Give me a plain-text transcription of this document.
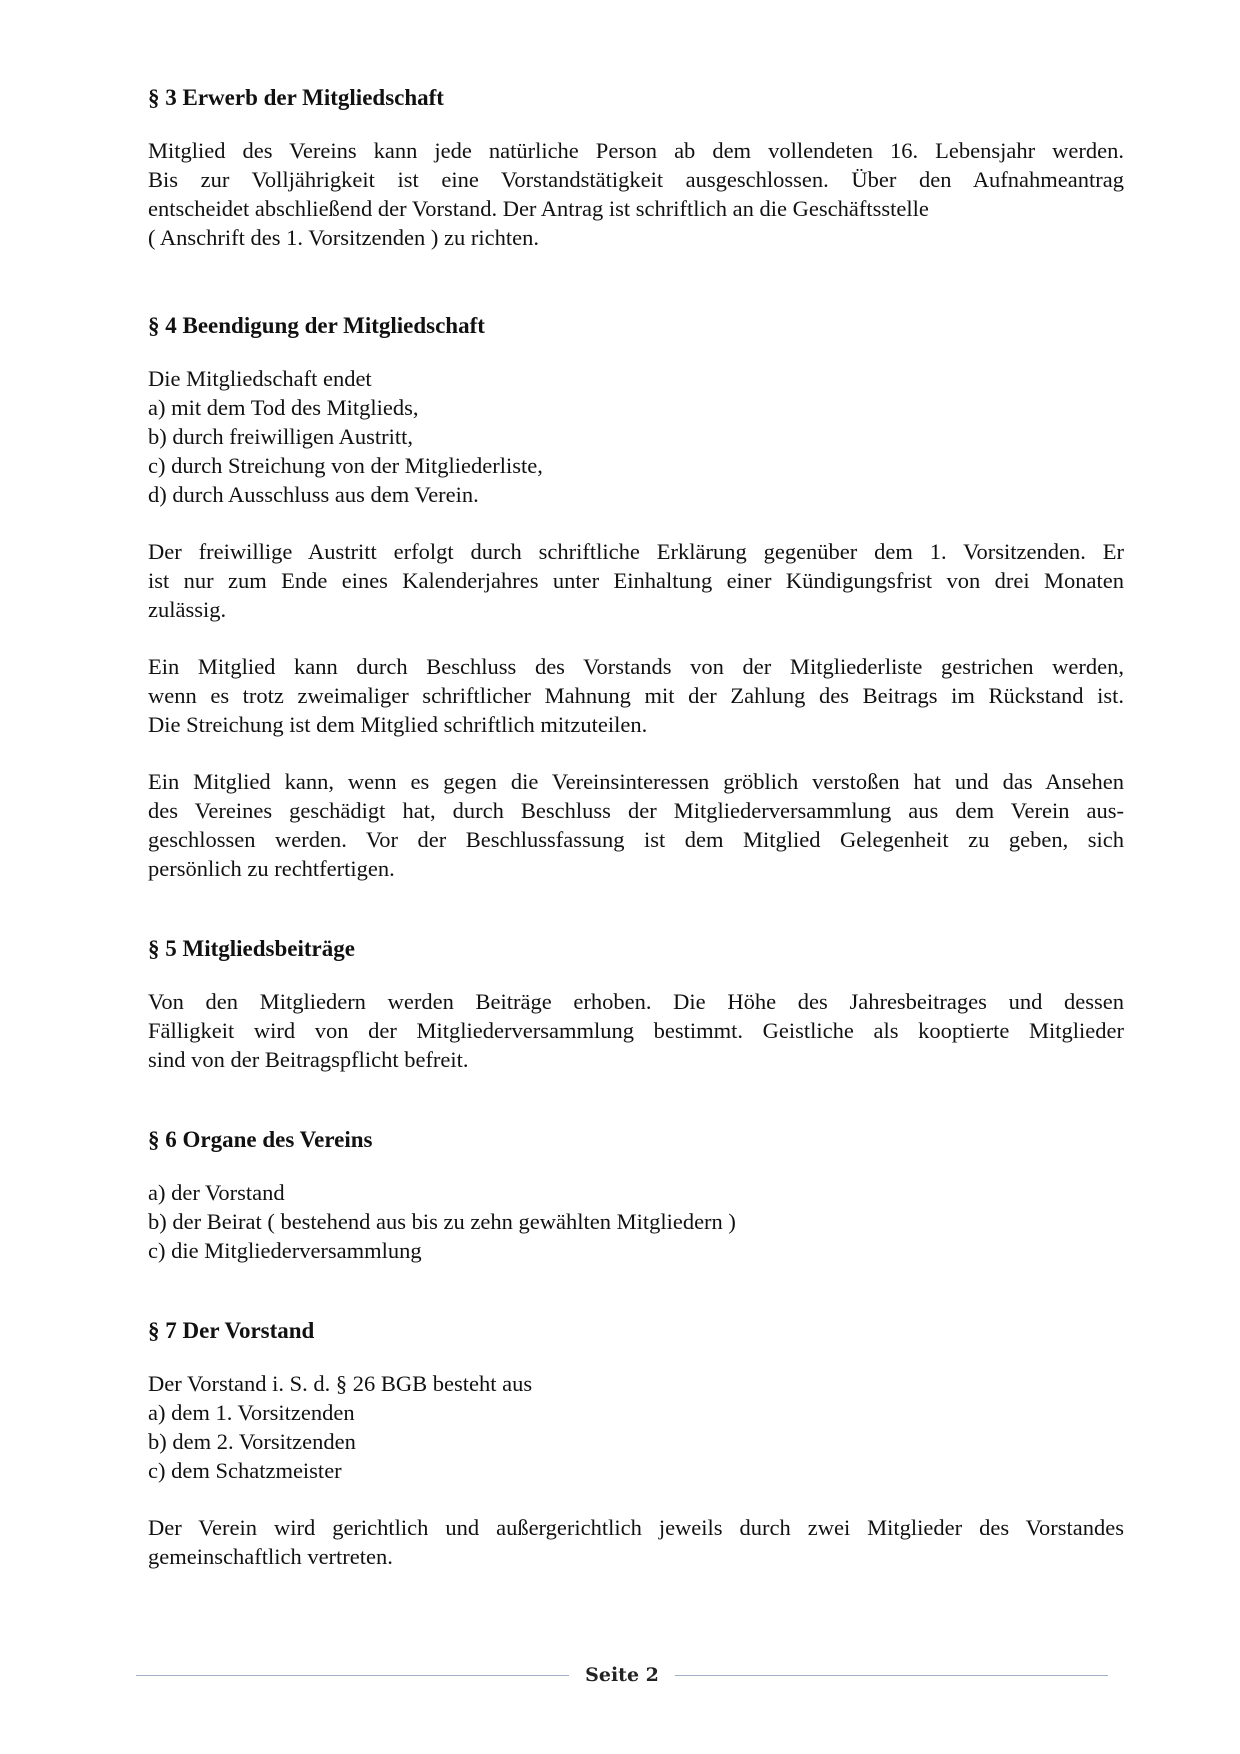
§ 3 Erwerb der Mitgliedschaft

Mitglied des Vereins kann jede natürliche Person ab dem vollendeten 16. Lebensjahr werden.
Bis zur Volljährigkeit ist eine Vorstandstätigkeit ausgeschlossen. Über den Aufnahmeantrag
entscheidet abschließend der Vorstand. Der Antrag ist schriftlich an die Geschäftsstelle
( Anschrift des 1. Vorsitzenden ) zu richten.

§ 4 Beendigung der Mitgliedschaft

Die Mitgliedschaft endet

a) mit dem Tod des Mitglieds,
b) durch freiwilligen Austritt,
c) durch Streichung von der Mitgliederliste,
d) durch Ausschluss aus dem Verein.

Der freiwillige Austritt erfolgt durch schriftliche Erklärung gegenüber dem 1. Vorsitzenden. Er
ist nur zum Ende eines Kalenderjahres unter Einhaltung einer Kündigungsfrist von drei Monaten
zulässig.

Ein Mitglied kann durch Beschluss des Vorstands von der Mitgliederliste gestrichen werden,
wenn es trotz zweimaliger schriftlicher Mahnung mit der Zahlung des Beitrags im Rückstand ist.
Die Streichung ist dem Mitglied schriftlich mitzuteilen.

Ein Mitglied kann, wenn es gegen die Vereinsinteressen gröblich verstoßen hat und das Ansehen
des Vereines geschädigt hat, durch Beschluss der Mitgliederversammlung aus dem Verein aus-
geschlossen werden. Vor der Beschlussfassung ist dem Mitglied Gelegenheit zu geben, sich
persönlich zu rechtfertigen.

§ 5 Mitgliedsbeiträge

Von den Mitgliedern werden Beiträge erhoben. Die Höhe des Jahresbeitrages und dessen
Fälligkeit wird von der Mitgliederversammlung bestimmt. Geistliche als kooptierte Mitglieder
sind von der Beitragspflicht befreit.

§ 6 Organe des Vereins
a) der Vorstand
b) der Beirat ( bestehend aus bis zu zehn gewählten Mitgliedern )
c) die Mitgliederversammlung
§ 7 Der Vorstand

Der Vorstand i. S. d. § 26 BGB besteht aus

a) dem 1. Vorsitzenden
b) dem 2. Vorsitzenden
c) dem Schatzmeister

Der Verein wird gerichtlich und außergerichtlich jeweils durch zwei Mitglieder des Vorstandes
gemeinschaftlich vertreten.

Seite 2
